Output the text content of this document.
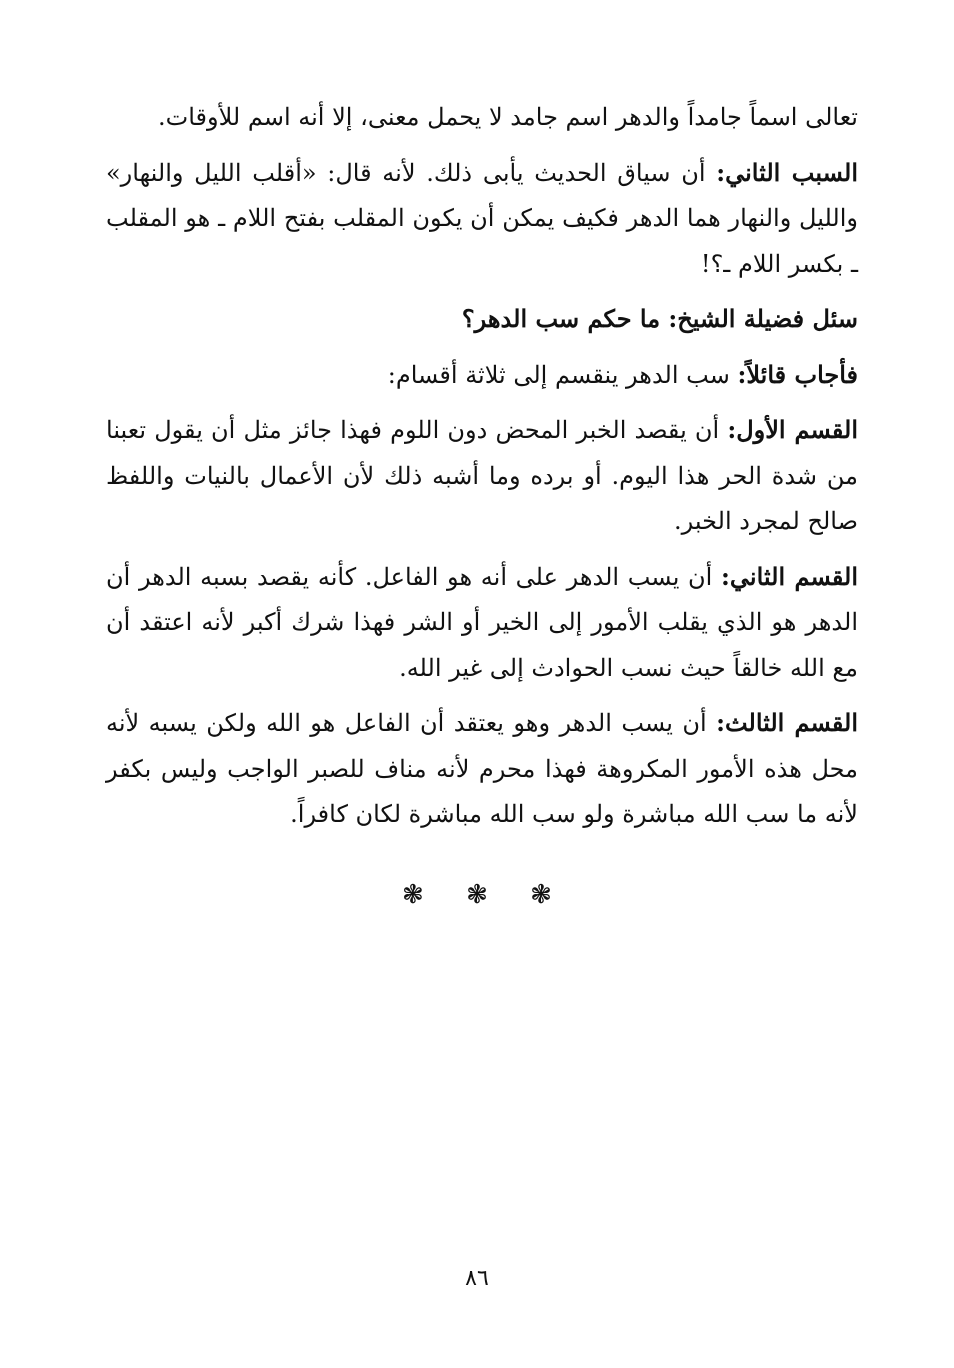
تعالى اسماً جامداً والدهر اسم جامد لا يحمل معنى، إلا أنه اسم للأوقات.

السبب الثاني: أن سياق الحديث يأبى ذلك. لأنه قال: «أقلب الليل والنهار» والليل والنهار هما الدهر فكيف يمكن أن يكون المقلب بفتح اللام ـ هو المقلب ـ بكسر اللام ـ؟!

سئل فضيلة الشيخ: ما حكم سب الدهر؟

فأجاب قائلاً: سب الدهر ينقسم إلى ثلاثة أقسام:

القسم الأول: أن يقصد الخبر المحض دون اللوم فهذا جائز مثل أن يقول تعبنا من شدة الحر هذا اليوم. أو برده وما أشبه ذلك لأن الأعمال بالنيات واللفظ صالح لمجرد الخبر.

القسم الثاني: أن يسب الدهر على أنه هو الفاعل. كأنه يقصد بسبه الدهر أن الدهر هو الذي يقلب الأمور إلى الخير أو الشر فهذا شرك أكبر لأنه اعتقد أن مع الله خالقاً حيث نسب الحوادث إلى غير الله.

القسم الثالث: أن يسب الدهر وهو يعتقد أن الفاعل هو الله ولكن يسبه لأنه محل هذه الأمور المكروهة فهذا محرم لأنه مناف للصبر الواجب وليس بكفر لأنه ما سب الله مباشرة ولو سب الله مباشرة لكان كافراً.

❃ ❃ ❃
٨٦
